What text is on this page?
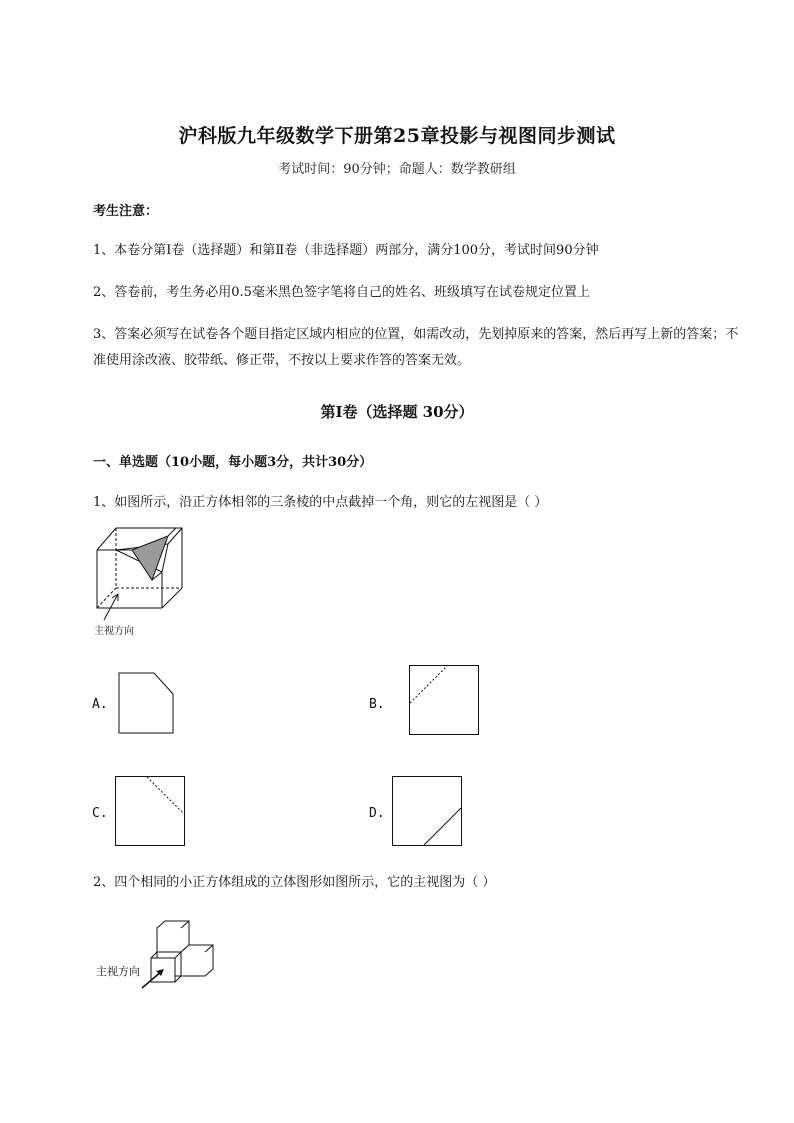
沪科版九年级数学下册第25章投影与视图同步测试
考试时间：90分钟；命题人：数学教研组
考生注意：
1、本卷分第I卷（选择题）和第Ⅱ卷（非选择题）两部分，满分100分，考试时间90分钟
2、答卷前，考生务必用0.5毫米黑色签字笔将自己的姓名、班级填写在试卷规定位置上
3、答案必须写在试卷各个题目指定区域内相应的位置，如需改动，先划掉原来的答案，然后再写上新的答案；不准使用涂改液、胶带纸、修正带，不按以上要求作答的答案无效。
第I卷（选择题 30分）
一、单选题（10小题，每小题3分，共计30分）
1、如图所示，沿正方体相邻的三条棱的中点截掉一个角，则它的左视图是（ ）
主视方向
A.	B.
C.	D.
2、四个相同的小正方体组成的立体图形如图所示，它的主视图为（ ）
主视方向
